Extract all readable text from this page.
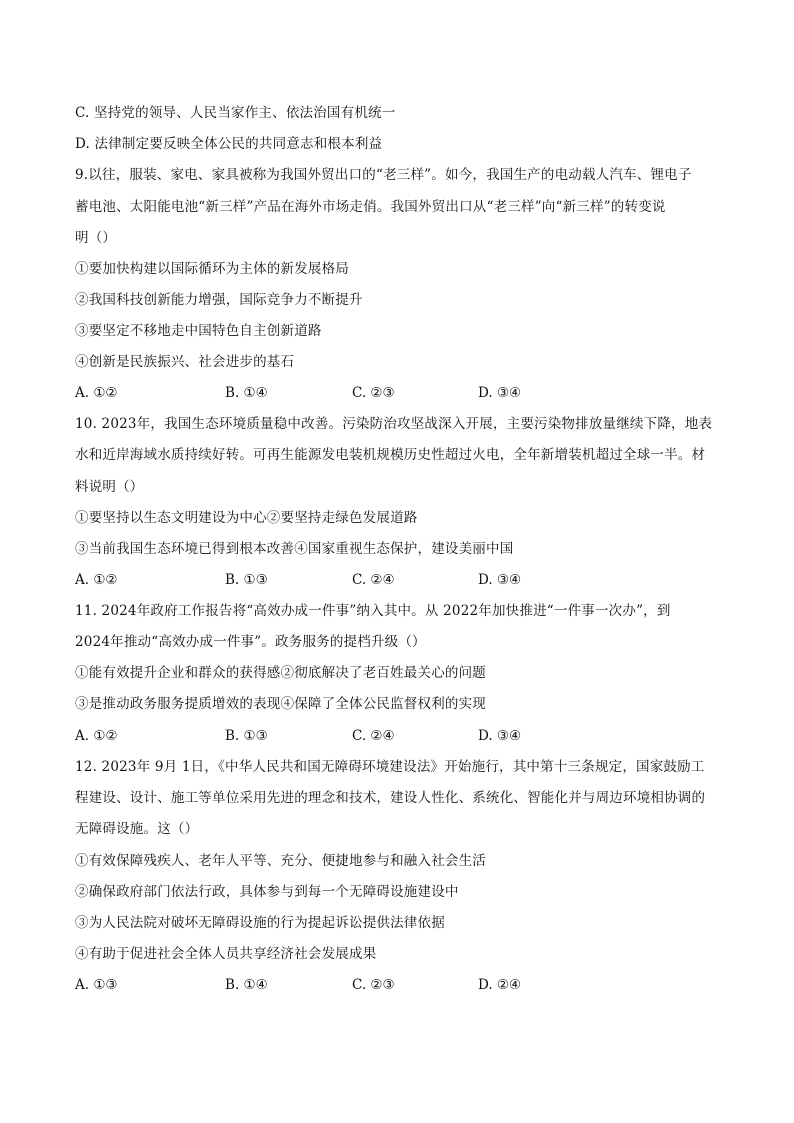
C. 坚持党的领导、人民当家作主、依法治国有机统一
D. 法律制定要反映全体公民的共同意志和根本利益
9.以往，服装、家电、家具被称为我国外贸出口的“老三样”。如今，我国生产的电动载人汽车、锂电子
蓄电池、太阳能电池“新三样”产品在海外市场走俏。我国外贸出口从“老三样”向“新三样”的转变说
明（）
①要加快构建以国际循环为主体的新发展格局
②我国科技创新能力增强，国际竞争力不断提升
③要坚定不移地走中国特色自主创新道路
④创新是民族振兴、社会进步的基石
A. ①②	B. ①④	C. ②③	D. ③④
10. 2023年，我国生态环境质量稳中改善。污染防治攻坚战深入开展，主要污染物排放量继续下降，地表
水和近岸海域水质持续好转。可再生能源发电装机规模历史性超过火电，全年新增装机超过全球一半。材
料说明（）
①要坚持以生态文明建设为中心②要坚持走绿色发展道路
③当前我国生态环境已得到根本改善④国家重视生态保护，建设美丽中国
A. ①②	B. ①③	C. ②④	D. ③④
11. 2024年政府工作报告将“高效办成一件事”纳入其中。从 2022年加快推进“一件事一次办”，到
2024年推动“高效办成一件事”。政务服务的提档升级（）
①能有效提升企业和群众的获得感②彻底解决了老百姓最关心的问题
③是推动政务服务提质增效的表现④保障了全体公民监督权利的实现
A. ①②	B. ①③	C. ②④	D. ③④
12. 2023年 9月 1日，《中华人民共和国无障碍环境建设法》开始施行，其中第十三条规定，国家鼓励工
程建设、设计、施工等单位采用先进的理念和技术，建设人性化、系统化、智能化并与周边环境相协调的
无障碍设施。这（）
①有效保障残疾人、老年人平等、充分、便捷地参与和融入社会生活
②确保政府部门依法行政，具体参与到每一个无障碍设施建设中
③为人民法院对破坏无障碍设施的行为提起诉讼提供法律依据
④有助于促进社会全体人员共享经济社会发展成果
A. ①③	B. ①④	C. ②③	D. ②④
